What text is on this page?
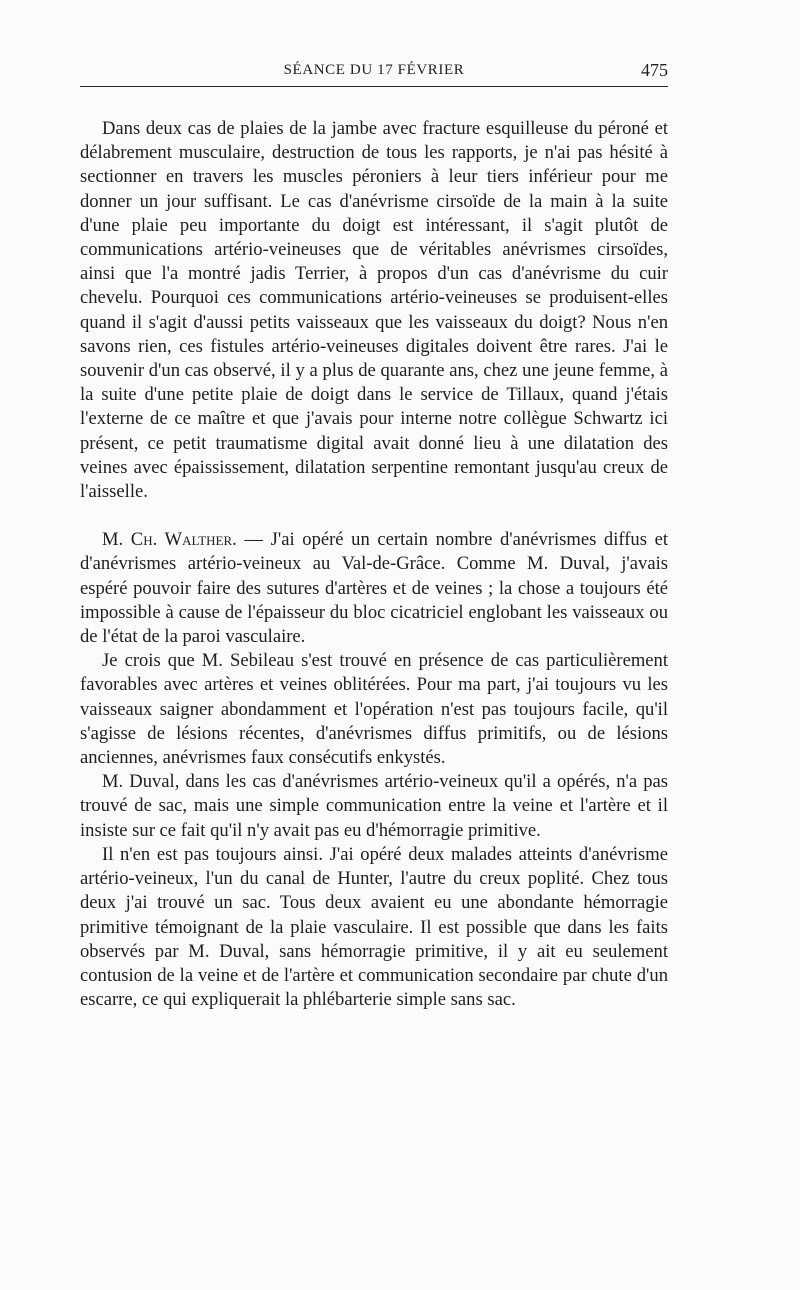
SÉANCE DU 17 FÉVRIER	475

Dans deux cas de plaies de la jambe avec fracture esquilleuse du péroné et délabrement musculaire, destruction de tous les rapports, je n'ai pas hésité à sectionner en travers les muscles péroniers à leur tiers inférieur pour me donner un jour suffisant. Le cas d'anévrisme cirsoïde de la main à la suite d'une plaie peu importante du doigt est intéressant, il s'agit plutôt de communications artério-veineuses que de véritables anévrismes cirsoïdes, ainsi que l'a montré jadis Terrier, à propos d'un cas d'anévrisme du cuir chevelu. Pourquoi ces communications artério-veineuses se produisent-elles quand il s'agit d'aussi petits vaisseaux que les vaisseaux du doigt? Nous n'en savons rien, ces fistules artério-veineuses digitales doivent être rares. J'ai le souvenir d'un cas observé, il y a plus de quarante ans, chez une jeune femme, à la suite d'une petite plaie de doigt dans le service de Tillaux, quand j'étais l'externe de ce maître et que j'avais pour interne notre collègue Schwartz ici présent, ce petit traumatisme digital avait donné lieu à une dilatation des veines avec épaississement, dilatation serpentine remontant jusqu'au creux de l'aisselle.

M. Ch. Walther. — J'ai opéré un certain nombre d'anévrismes diffus et d'anévrismes artério-veineux au Val-de-Grâce. Comme M. Duval, j'avais espéré pouvoir faire des sutures d'artères et de veines ; la chose a toujours été impossible à cause de l'épaisseur du bloc cicatriciel englobant les vaisseaux ou de l'état de la paroi vasculaire.

Je crois que M. Sebileau s'est trouvé en présence de cas particulièrement favorables avec artères et veines oblitérées. Pour ma part, j'ai toujours vu les vaisseaux saigner abondamment et l'opération n'est pas toujours facile, qu'il s'agisse de lésions récentes, d'anévrismes diffus primitifs, ou de lésions anciennes, anévrismes faux consécutifs enkystés.

M. Duval, dans les cas d'anévrismes artério-veineux qu'il a opérés, n'a pas trouvé de sac, mais une simple communication entre la veine et l'artère et il insiste sur ce fait qu'il n'y avait pas eu d'hémorragie primitive.

Il n'en est pas toujours ainsi. J'ai opéré deux malades atteints d'anévrisme artério-veineux, l'un du canal de Hunter, l'autre du creux poplité. Chez tous deux j'ai trouvé un sac. Tous deux avaient eu une abondante hémorragie primitive témoignant de la plaie vasculaire. Il est possible que dans les faits observés par M. Duval, sans hémorragie primitive, il y ait eu seulement contusion de la veine et de l'artère et communication secondaire par chute d'un escarre, ce qui expliquerait la phlébarterie simple sans sac.
